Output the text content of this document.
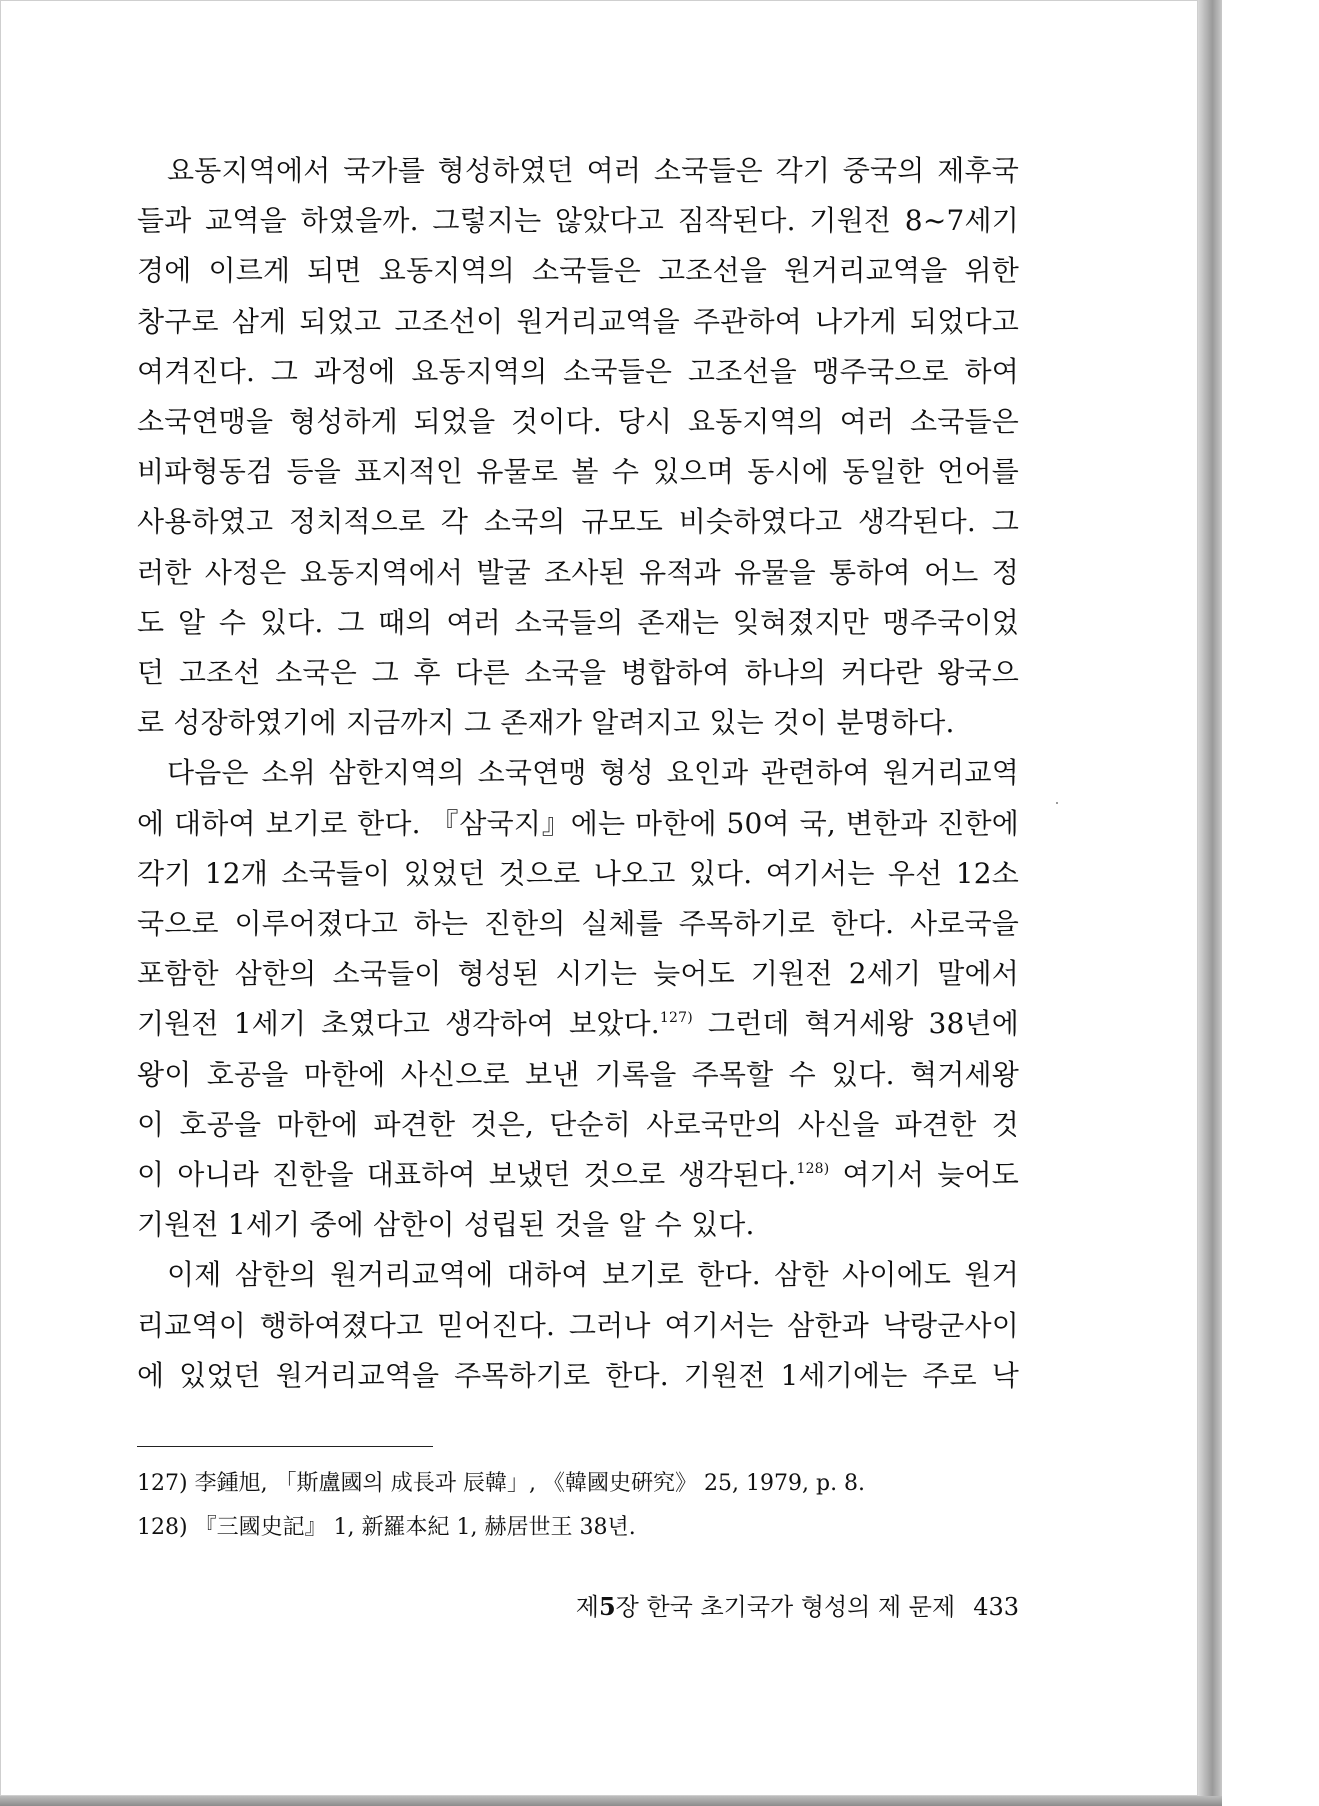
요동지역에서 국가를 형성하였던 여러 소국들은 각기 중국의 제후국
들과 교역을 하였을까. 그렇지는 않았다고 짐작된다. 기원전 8~7세기
경에 이르게 되면 요동지역의 소국들은 고조선을 원거리교역을 위한
창구로 삼게 되었고 고조선이 원거리교역을 주관하여 나가게 되었다고
여겨진다. 그 과정에 요동지역의 소국들은 고조선을 맹주국으로 하여
소국연맹을 형성하게 되었을 것이다. 당시 요동지역의 여러 소국들은
비파형동검 등을 표지적인 유물로 볼 수 있으며 동시에 동일한 언어를
사용하였고 정치적으로 각 소국의 규모도 비슷하였다고 생각된다. 그
러한 사정은 요동지역에서 발굴 조사된 유적과 유물을 통하여 어느 정
도 알 수 있다. 그 때의 여러 소국들의 존재는 잊혀졌지만 맹주국이었
던 고조선 소국은 그 후 다른 소국을 병합하여 하나의 커다란 왕국으
로 성장하였기에 지금까지 그 존재가 알려지고 있는 것이 분명하다.

다음은 소위 삼한지역의 소국연맹 형성 요인과 관련하여 원거리교역
에 대하여 보기로 한다. 『삼국지』에는 마한에 50여 국, 변한과 진한에
각기 12개 소국들이 있었던 것으로 나오고 있다. 여기서는 우선 12소
국으로 이루어졌다고 하는 진한의 실체를 주목하기로 한다. 사로국을
포함한 삼한의 소국들이 형성된 시기는 늦어도 기원전 2세기 말에서
기원전 1세기 초였다고 생각하여 보았다.$^{127)}$ 그런데 혁거세왕 38년에
왕이 호공을 마한에 사신으로 보낸 기록을 주목할 수 있다. 혁거세왕
이 호공을 마한에 파견한 것은, 단순히 사로국만의 사신을 파견한 것
이 아니라 진한을 대표하여 보냈던 것으로 생각된다.$^{128)}$ 여기서 늦어도
기원전 1세기 중에 삼한이 성립된 것을 알 수 있다.

이제 삼한의 원거리교역에 대하여 보기로 한다. 삼한 사이에도 원거
리교역이 행하여졌다고 믿어진다. 그러나 여기서는 삼한과 낙랑군사이
에 있었던 원거리교역을 주목하기로 한다. 기원전 1세기에는 주로 낙

127) 李鍾旭, 「斯盧國의 成長과 辰韓」, 《韓國史硏究》 25, 1979, p. 8.
128) 『三國史記』 1, 新羅本紀 1, 赫居世王 38년.
제5장 한국 초기국가 형성의 제 문제 433
